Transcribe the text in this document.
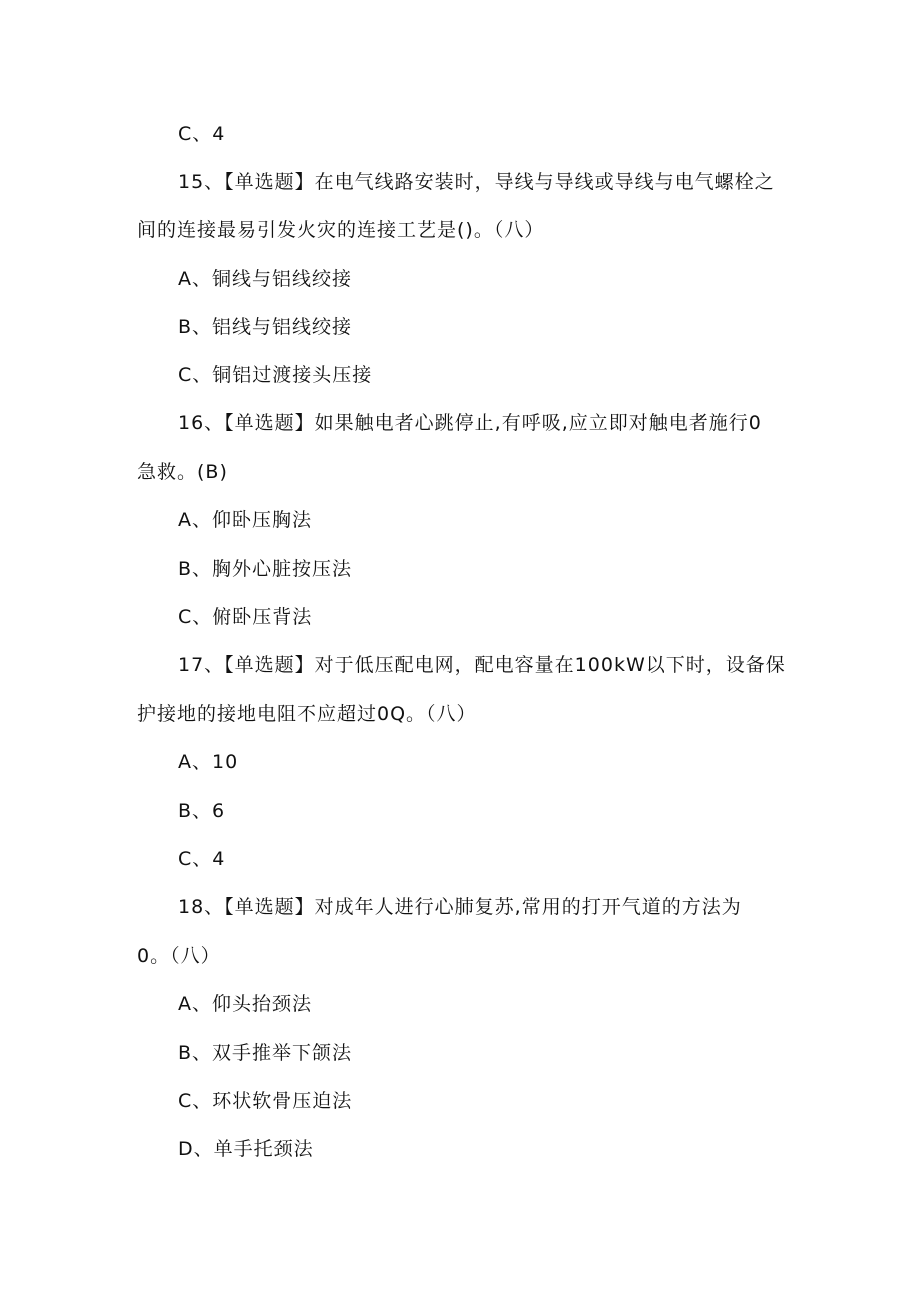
C、4
15、【单选题】在电气线路安装时，导线与导线或导线与电气螺栓之
间的连接最易引发火灾的连接工艺是()。（八）
A、铜线与铝线绞接
B、铝线与铝线绞接
C、铜铝过渡接头压接
16、【单选题】如果触电者心跳停止,有呼吸,应立即对触电者施行0
急救。(B)
A、仰卧压胸法
B、胸外心脏按压法
C、俯卧压背法
17、【单选题】对于低压配电网，配电容量在100kW以下时，设备保
护接地的接地电阻不应超过0Q。（八）
A、10
B、6
C、4
18、【单选题】对成年人进行心肺复苏,常用的打开气道的方法为
0。（八）
A、仰头抬颈法
B、双手推举下颌法
C、环状软骨压迫法
D、单手托颈法
